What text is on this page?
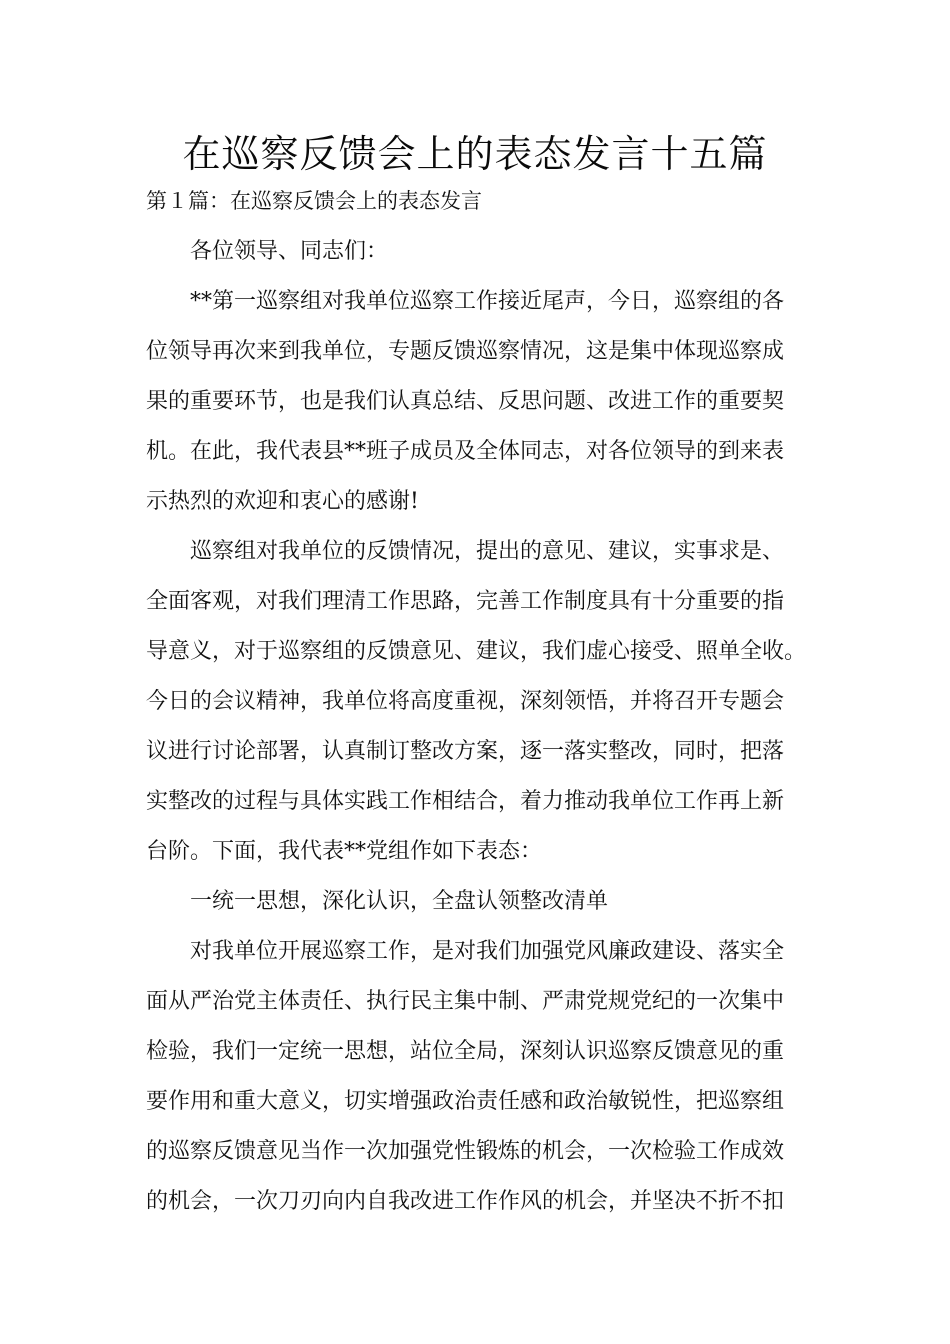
在巡察反馈会上的表态发言十五篇
第１篇：在巡察反馈会上的表态发言
各位领导、同志们：
**第一巡察组对我单位巡察工作接近尾声，今日，巡察组的各
位领导再次来到我单位，专题反馈巡察情况，这是集中体现巡察成
果的重要环节，也是我们认真总结、反思问题、改进工作的重要契
机。在此，我代表县**班子成员及全体同志，对各位领导的到来表
示热烈的欢迎和衷心的感谢!
巡察组对我单位的反馈情况，提出的意见、建议，实事求是、
全面客观，对我们理清工作思路，完善工作制度具有十分重要的指
导意义，对于巡察组的反馈意见、建议，我们虚心接受、照单全收。
今日的会议精神，我单位将高度重视，深刻领悟，并将召开专题会
议进行讨论部署，认真制订整改方案，逐一落实整改，同时，把落
实整改的过程与具体实践工作相结合，着力推动我单位工作再上新
台阶。下面，我代表**党组作如下表态：
一统一思想，深化认识，全盘认领整改清单
对我单位开展巡察工作，是对我们加强党风廉政建设、落实全
面从严治党主体责任、执行民主集中制、严肃党规党纪的一次集中
检验，我们一定统一思想，站位全局，深刻认识巡察反馈意见的重
要作用和重大意义，切实增强政治责任感和政治敏锐性，把巡察组
的巡察反馈意见当作一次加强党性锻炼的机会，一次检验工作成效
的机会，一次刀刃向内自我改进工作作风的机会，并坚决不折不扣
